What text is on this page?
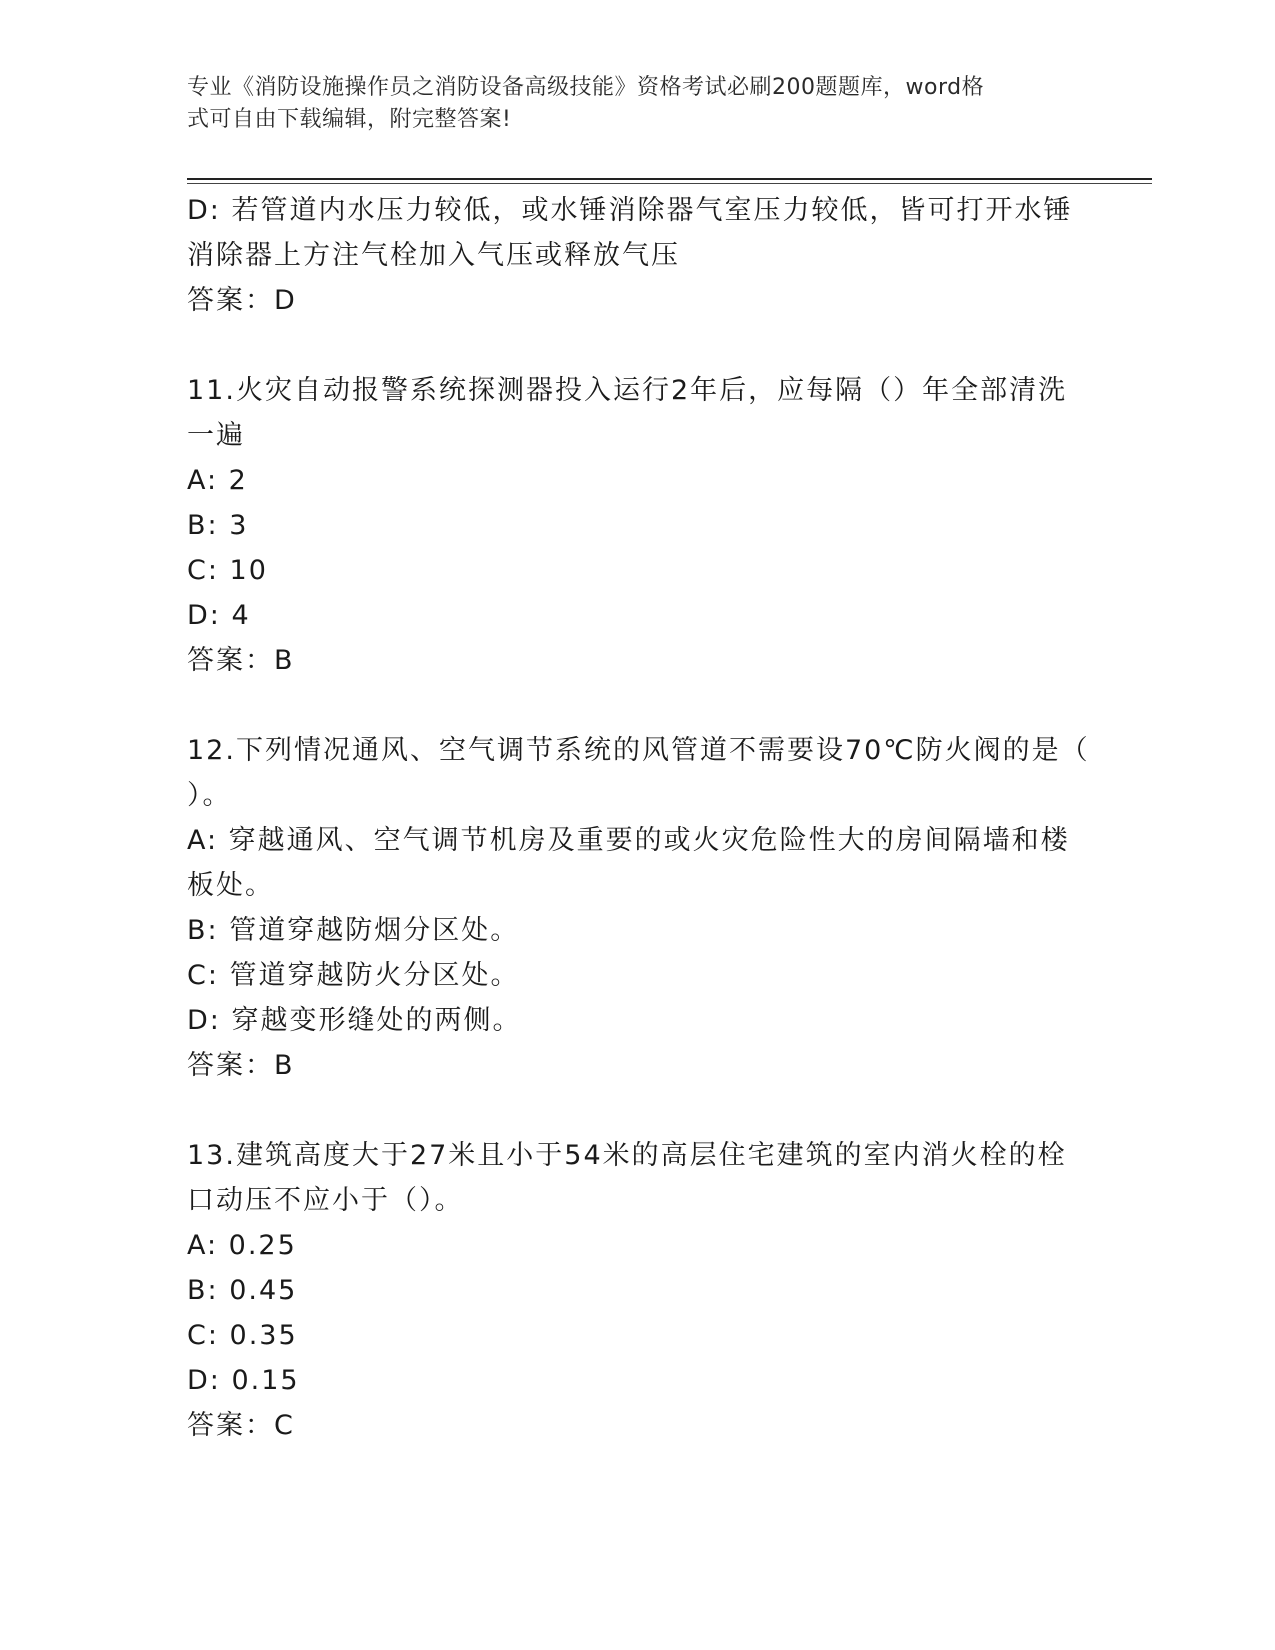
专业《消防设施操作员之消防设备高级技能》资格考试必刷200题题库，word格
式可自由下载编辑，附完整答案!
D: 若管道内水压力较低，或水锤消除器气室压力较低，皆可打开水锤
消除器上方注气栓加入气压或释放气压
答案：D
11.火灾自动报警系统探测器投入运行2年后，应每隔（）年全部清洗
一遍
A: 2
B: 3
C: 10
D: 4
答案：B
12.下列情况通风、空气调节系统的风管道不需要设70℃防火阀的是（
）。
A: 穿越通风、空气调节机房及重要的或火灾危险性大的房间隔墙和楼
板处。
B: 管道穿越防烟分区处。
C: 管道穿越防火分区处。
D: 穿越变形缝处的两侧。
答案：B
13.建筑高度大于27米且小于54米的高层住宅建筑的室内消火栓的栓
口动压不应小于（）。
A: 0.25
B: 0.45
C: 0.35
D: 0.15
答案：C
